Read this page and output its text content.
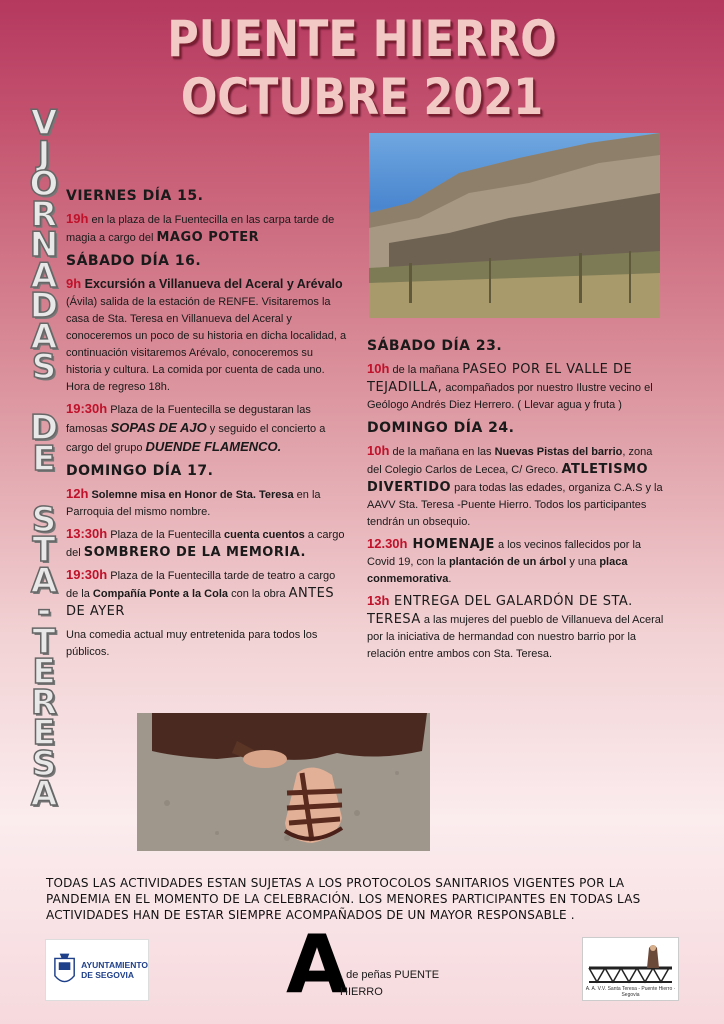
PUENTE HIERRO OCTUBRE 2021
V
J
O
R
N
A
D
A
S
D
E
S
T
A
-
T
E
R
E
S
A
VIERNES DÍA 15.
19h en la plaza de la Fuentecilla en las carpa tarde de magia a cargo del MAGO POTER
SÁBADO DÍA 16.
9h Excursión a Villanueva del Aceral y Arévalo (Ávila) salida de la estación de RENFE. Visitaremos la casa de Sta. Teresa en Villanueva del Aceral y conoceremos un poco de su historia en dicha localidad, a continuación visitaremos Arévalo, conoceremos su historia y cultura. La comida por cuenta de cada uno. Hora de regreso 18h.
19:30h Plaza de la Fuentecilla se degustaran las famosas SOPAS DE AJO y seguido el concierto a cargo del grupo DUENDE FLAMENCO.
DOMINGO DÍA 17.
12h Solemne misa en Honor de Sta. Teresa en la Parroquia del mismo nombre.
13:30h Plaza de la Fuentecilla cuenta cuentos a cargo del SOMBRERO DE LA MEMORIA.
19:30h Plaza de la Fuentecilla tarde de teatro a cargo de la Compañía Ponte a la Cola con la obra ANTES DE AYER
Una comedia actual muy entretenida para todos los públicos.
SÁBADO DÍA 23.
10h de la mañana PASEO POR EL VALLE DE TEJADILLA, acompañados por nuestro Ilustre vecino el Geólogo Andrés Diez Herrero. ( Llevar agua y fruta )
DOMINGO DÍA 24.
10h de la mañana en las Nuevas Pistas del barrio, zona del Colegio Carlos de Lecea, C/ Greco. ATLETISMO DIVERTIDO para todas las edades, organiza C.A.S y la AAVV Sta. Teresa -Puente Hierro. Todos los participantes tendrán un obsequio.
12.30h HOMENAJE a los vecinos fallecidos por la Covid 19, con la plantación de un árbol y una placa conmemorativa.
13h ENTREGA DEL GALARDÓN DE STA. TERESA a las mujeres del pueblo de Villanueva del Aceral por la iniciativa de hermandad con nuestro barrio por la relación entre ambos con Sta. Teresa.
TODAS LAS ACTIVIDADES ESTAN SUJETAS A LOS PROTOCOLOS SANITARIOS VIGENTES POR LA PANDEMIA EN EL MOMENTO DE LA CELEBRACIÓN. LOS MENORES PARTICIPANTES EN TODAS LAS ACTIVIDADES HAN DE ESTAR SIEMPRE ACOMPAÑADOS DE UN MAYOR RESPONSABLE .
AYUNTAMIENTO
DE SEGOVIA A
. de peñas PUENTE HIERRO	A. A. V.V. Santa Teresa - Puente Hierro · Segovia
